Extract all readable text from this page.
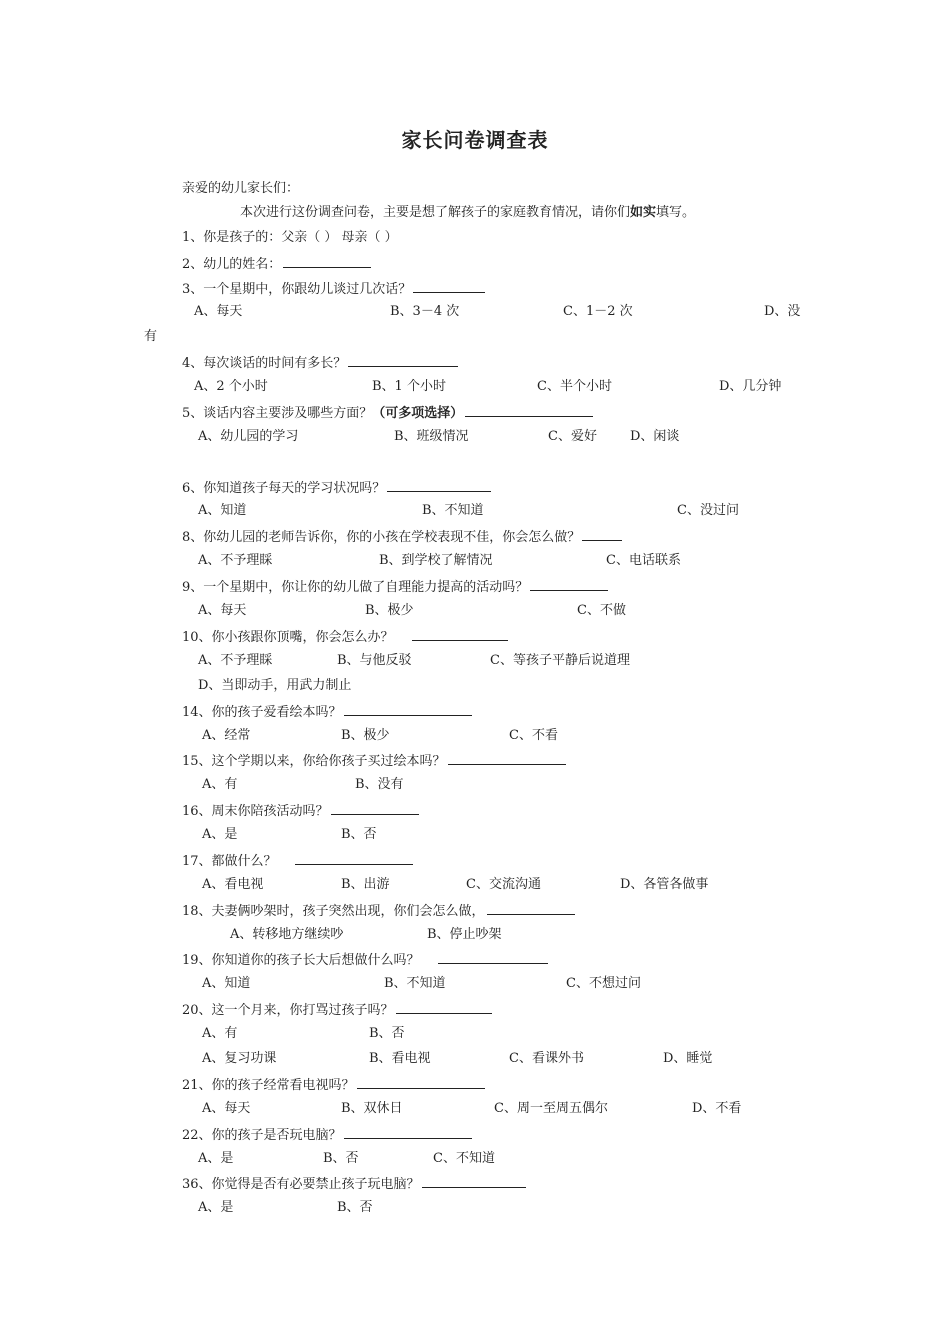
家长问卷调查表
亲爱的幼儿家长们：
本次进行这份调查问卷，主要是想了解孩子的家庭教育情况，请你们如实填写。
1、你是孩子的：父亲（ ） 母亲（ ）
2、幼儿的姓名：
3、一个星期中，你跟幼儿谈过几次话？
A、每天	B、3－4 次	C、1－2 次	D、没
有
4、每次谈话的时间有多长？
A、2 个小时	B、1 个小时	C、半个小时	D、几分钟
5、谈话内容主要涉及哪些方面？（可多项选择）
A、幼儿园的学习	B、班级情况	C、爱好	D、闲谈
6、你知道孩子每天的学习状况吗？
A、知道	B、不知道	C、没过问
8、你幼儿园的老师告诉你，你的小孩在学校表现不佳，你会怎么做？
A、不予理睬	B、到学校了解情况	C、电话联系
9、一个星期中，你让你的幼儿做了自理能力提高的活动吗？
A、每天	B、极少	C、不做
10、你小孩跟你顶嘴，你会怎么办？
A、不予理睬	B、与他反驳	C、等孩子平静后说道理
D、当即动手，用武力制止
14、你的孩子爱看绘本吗？
A、经常	B、极少	C、不看
15、这个学期以来，你给你孩子买过绘本吗？
A、有	B、没有
16、周末你陪孩活动吗？
A、是	B、否
17、都做什么？
A、看电视	B、出游	C、交流沟通	D、各管各做事
18、夫妻俩吵架时，孩子突然出现，你们会怎么做，
A、转移地方继续吵	B、停止吵架
19、你知道你的孩子长大后想做什么吗？
A、知道	B、不知道	C、不想过问
20、这一个月来，你打骂过孩子吗？
A、有	B、否
A、复习功课	B、看电视	C、看课外书	D、睡觉
21、你的孩子经常看电视吗？
A、每天	B、双休日	C、周一至周五偶尔	D、不看
22、你的孩子是否玩电脑？
A、是	B、否	C、不知道
36、你觉得是否有必要禁止孩子玩电脑？
A、是	B、否
